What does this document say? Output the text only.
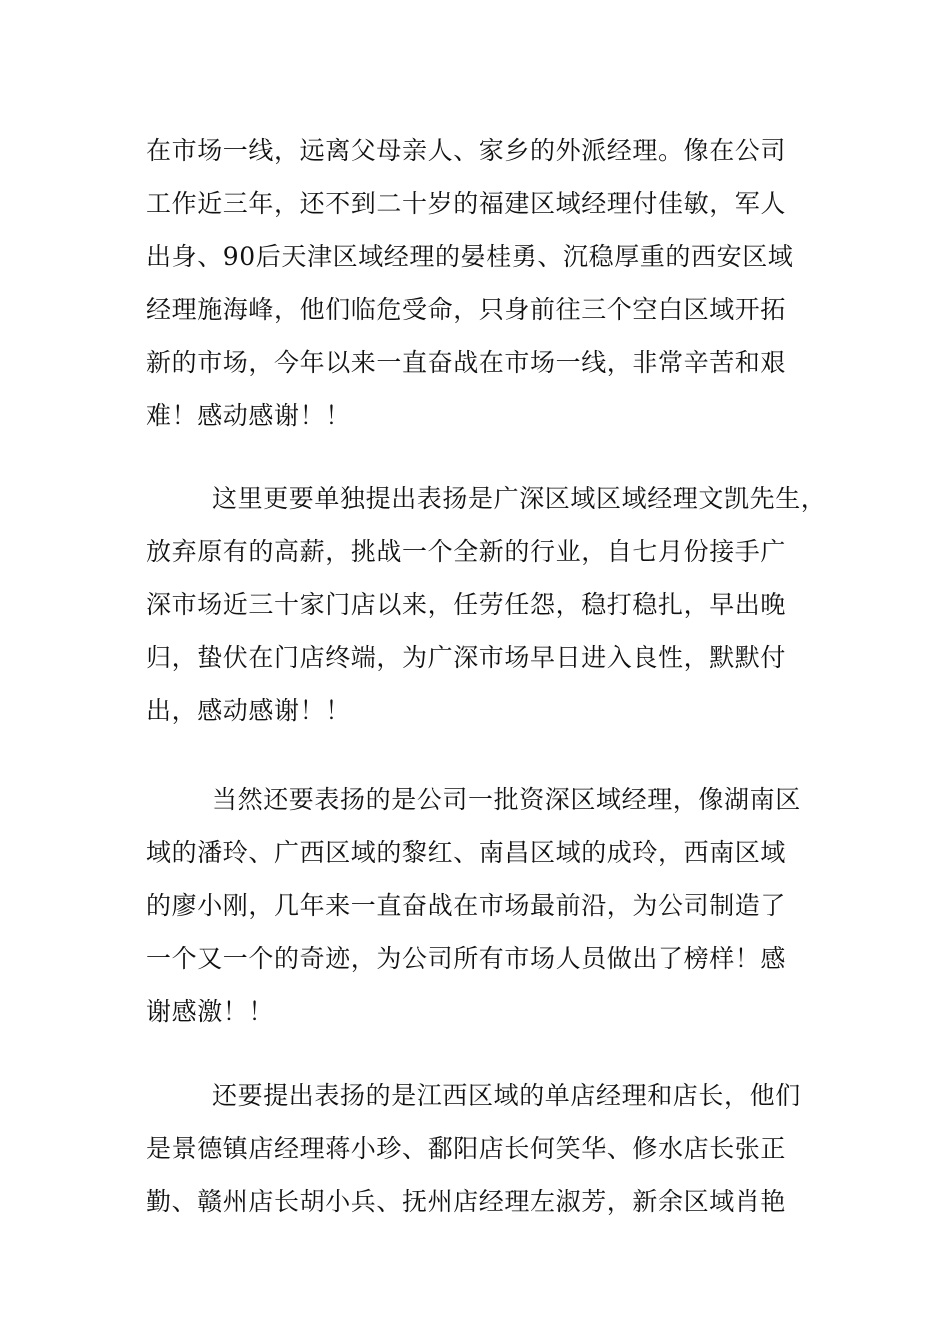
在市场一线，远离父母亲人、家乡的外派经理。像在公司
工作近三年，还不到二十岁的福建区域经理付佳敏，军人
出身、90后天津区域经理的晏桂勇、沉稳厚重的西安区域
经理施海峰，他们临危受命，只身前往三个空白区域开拓
新的市场，今年以来一直奋战在市场一线，非常辛苦和艰
难！感动感谢！！
这里更要单独提出表扬是广深区域区域经理文凯先生，
放弃原有的高薪，挑战一个全新的行业，自七月份接手广
深市场近三十家门店以来，任劳任怨，稳打稳扎，早出晚
归，蛰伏在门店终端，为广深市场早日进入良性，默默付
出，感动感谢！！
当然还要表扬的是公司一批资深区域经理，像湖南区
域的潘玲、广西区域的黎红、南昌区域的成玲，西南区域
的廖小刚，几年来一直奋战在市场最前沿，为公司制造了
一个又一个的奇迹，为公司所有市场人员做出了榜样！感
谢感激！！
还要提出表扬的是江西区域的单店经理和店长，他们
是景德镇店经理蒋小珍、鄱阳店长何笑华、修水店长张正
勤、赣州店长胡小兵、抚州店经理左淑芳，新余区域肖艳
